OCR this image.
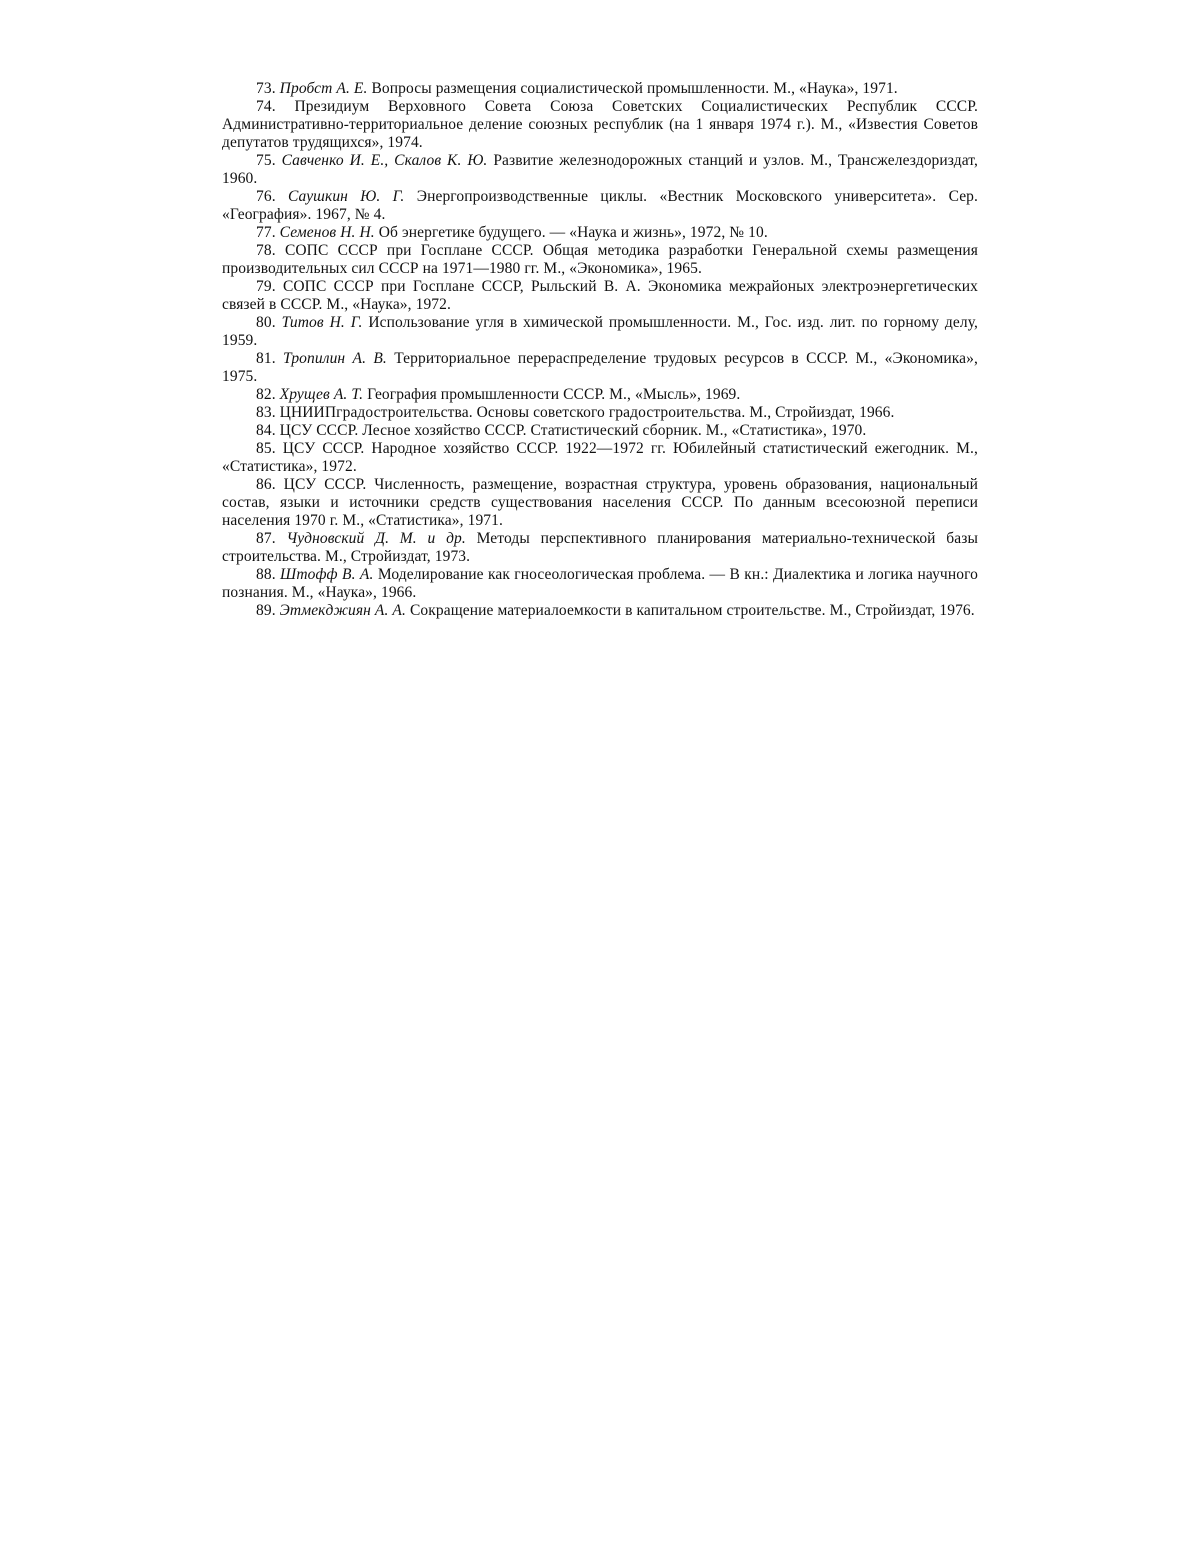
73. Пробст А. Е. Вопросы размещения социалистической промышленности. М., «Наука», 1971.

74. Президиум Верховного Совета Союза Советских Социалистических Республик СССР. Административно-территориальное деление союзных республик (на 1 января 1974 г.). М., «Известия Советов депутатов трудящихся», 1974.

75. Савченко И. Е., Скалов К. Ю. Развитие железнодорожных станций и узлов. М., Трансжелездориздат, 1960.

76. Саушкин Ю. Г. Энергопроизводственные циклы. «Вестник Московского университета». Сер. «География». 1967, № 4.

77. Семенов Н. Н. Об энергетике будущего. — «Наука и жизнь», 1972, № 10.

78. СОПС СССР при Госплане СССР. Общая методика разработки Генеральной схемы размещения производительных сил СССР на 1971—1980 гг. М., «Экономика», 1965.

79. СОПС СССР при Госплане СССР, Рыльский В. А. Экономика межрайоных электроэнергетических связей в СССР. М., «Наука», 1972.

80. Титов Н. Г. Использование угля в химической промышленности. М., Гос. изд. лит. по горному делу, 1959.

81. Тропилин А. В. Территориальное перераспределение трудовых ресурсов в СССР. М., «Экономика», 1975.

82. Хрущев А. Т. География промышленности СССР. М., «Мысль», 1969.

83. ЦНИИПградостроительства. Основы советского градостроительства. М., Стройиздат, 1966.

84. ЦСУ СССР. Лесное хозяйство СССР. Статистический сборник. М., «Статистика», 1970.

85. ЦСУ СССР. Народное хозяйство СССР. 1922—1972 гг. Юбилейный статистический ежегодник. М., «Статистика», 1972.

86. ЦСУ СССР. Численность, размещение, возрастная структура, уровень образования, национальный состав, языки и источники средств существования населения СССР. По данным всесоюзной переписи населения 1970 г. М., «Статистика», 1971.

87. Чудновский Д. М. и др. Методы перспективного планирования материально-технической базы строительства. М., Стройиздат, 1973.

88. Штофф В. А. Моделирование как гносеологическая проблема. — В кн.: Диалектика и логика научного познания. М., «Наука», 1966.

89. Этмекджиян А. А. Сокращение материалоемкости в капитальном строительстве. М., Стройиздат, 1976.
